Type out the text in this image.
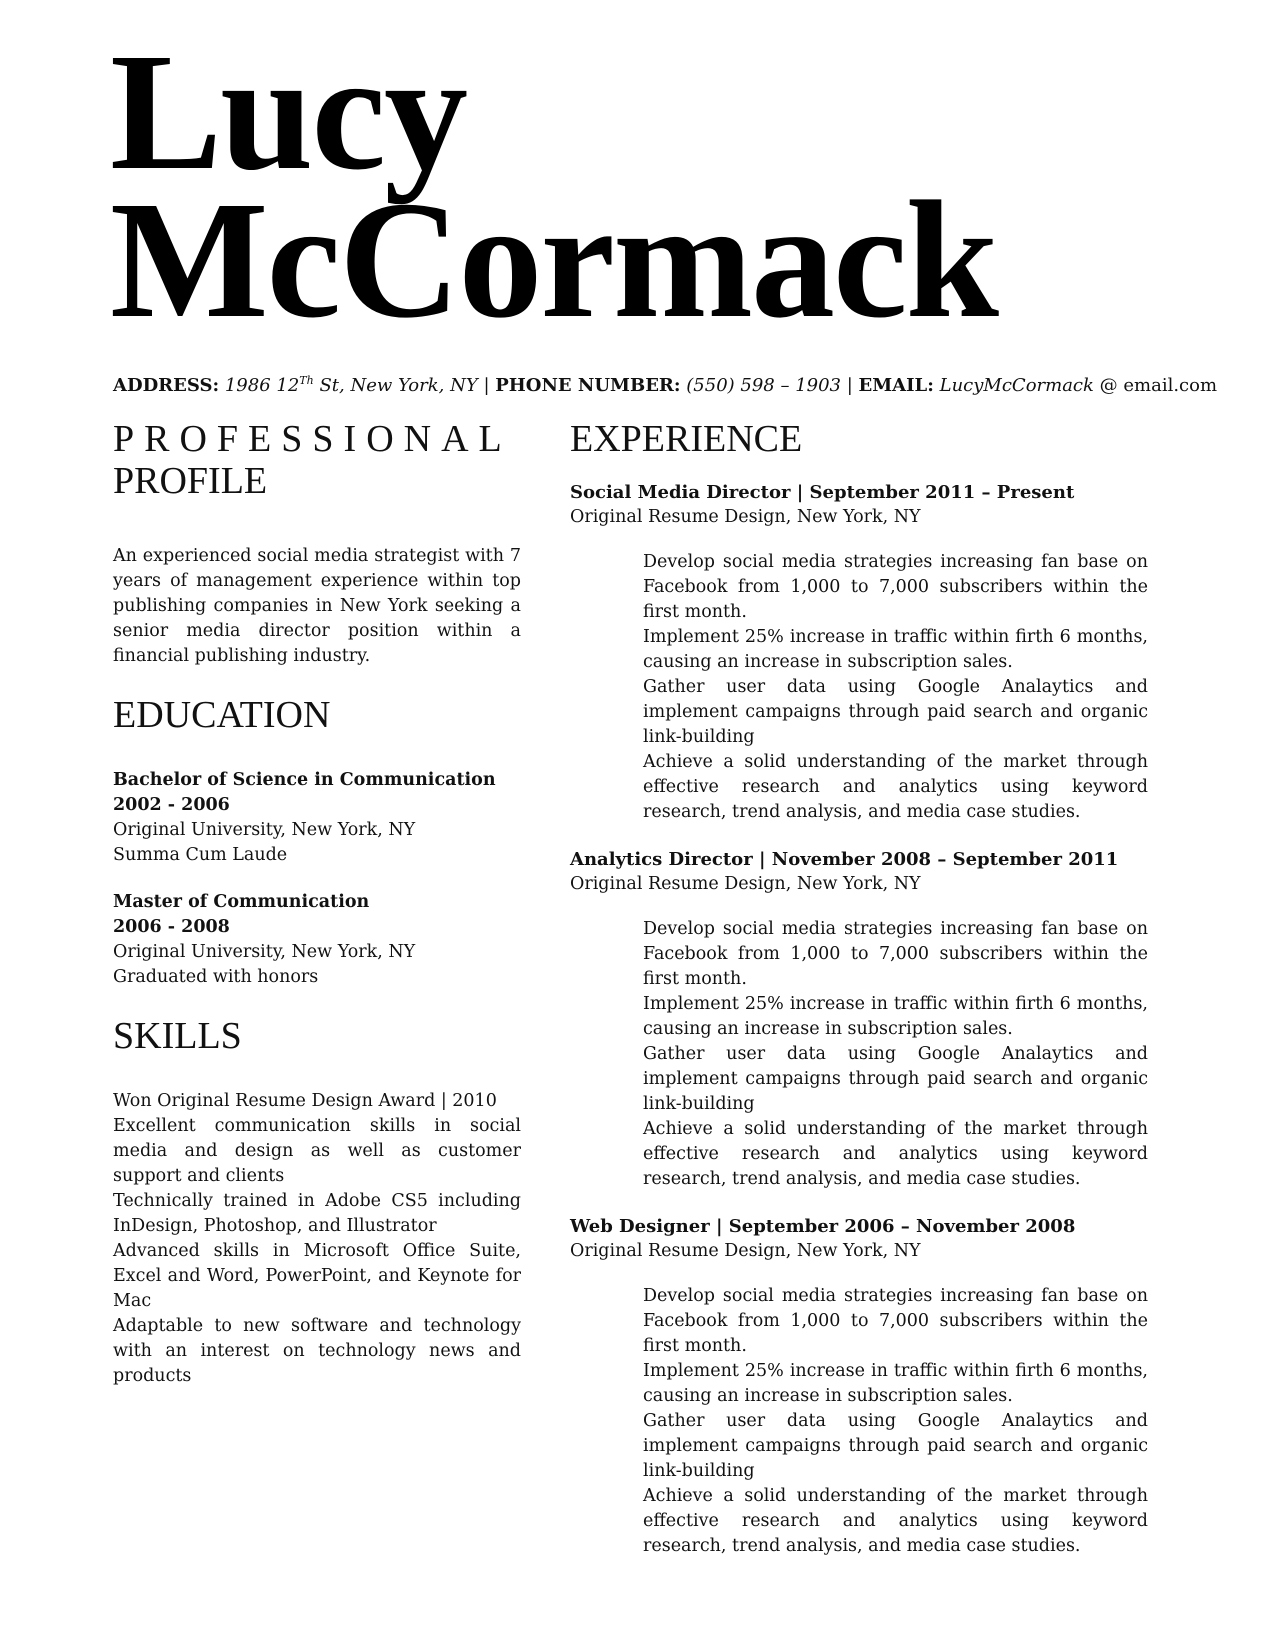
Lucy
McCormack
ADDRESS: 1986 12Th St, New York, NY | PHONE NUMBER: (550) 598 – 1903 | EMAIL: LucyMcCormack @ email.com
PROFESSIONAL
PROFILE

An experienced social media strategist with 7 years of management experience within top publishing companies in New York seeking a senior media director position within a financial publishing industry.

EDUCATION
Bachelor of Science in Communication
2002 - 2006
Original University, New York, NY
Summa Cum Laude
Master of Communication
2006 - 2008
Original University, New York, NY
Graduated with honors
SKILLS
Won Original Resume Design Award | 2010
Excellent communication skills in social media and design as well as customer support and clients
Technically trained in Adobe CS5 including InDesign, Photoshop, and Illustrator
Advanced skills in Microsoft Office Suite, Excel and Word, PowerPoint, and Keynote for Mac
Adaptable to new software and technology with an interest on technology news and products
EXPERIENCE
Social Media Director | September 2011 – Present
Original Resume Design, New York, NY
Develop social media strategies increasing fan base on Facebook from 1,000 to 7,000 subscribers within the first month.
Implement 25% increase in traffic within firth 6 months, causing an increase in subscription sales.
Gather user data using Google Analaytics and implement campaigns through paid search and organic link-building
Achieve a solid understanding of the market through effective research and analytics using keyword research, trend analysis, and media case studies.
Analytics Director | November 2008 – September 2011
Original Resume Design, New York, NY
Develop social media strategies increasing fan base on Facebook from 1,000 to 7,000 subscribers within the first month.
Implement 25% increase in traffic within firth 6 months, causing an increase in subscription sales.
Gather user data using Google Analaytics and implement campaigns through paid search and organic link-building
Achieve a solid understanding of the market through effective research and analytics using keyword research, trend analysis, and media case studies.
Web Designer | September 2006 – November 2008
Original Resume Design, New York, NY
Develop social media strategies increasing fan base on Facebook from 1,000 to 7,000 subscribers within the first month.
Implement 25% increase in traffic within firth 6 months, causing an increase in subscription sales.
Gather user data using Google Analaytics and implement campaigns through paid search and organic link-building
Achieve a solid understanding of the market through effective research and analytics using keyword research, trend analysis, and media case studies.
